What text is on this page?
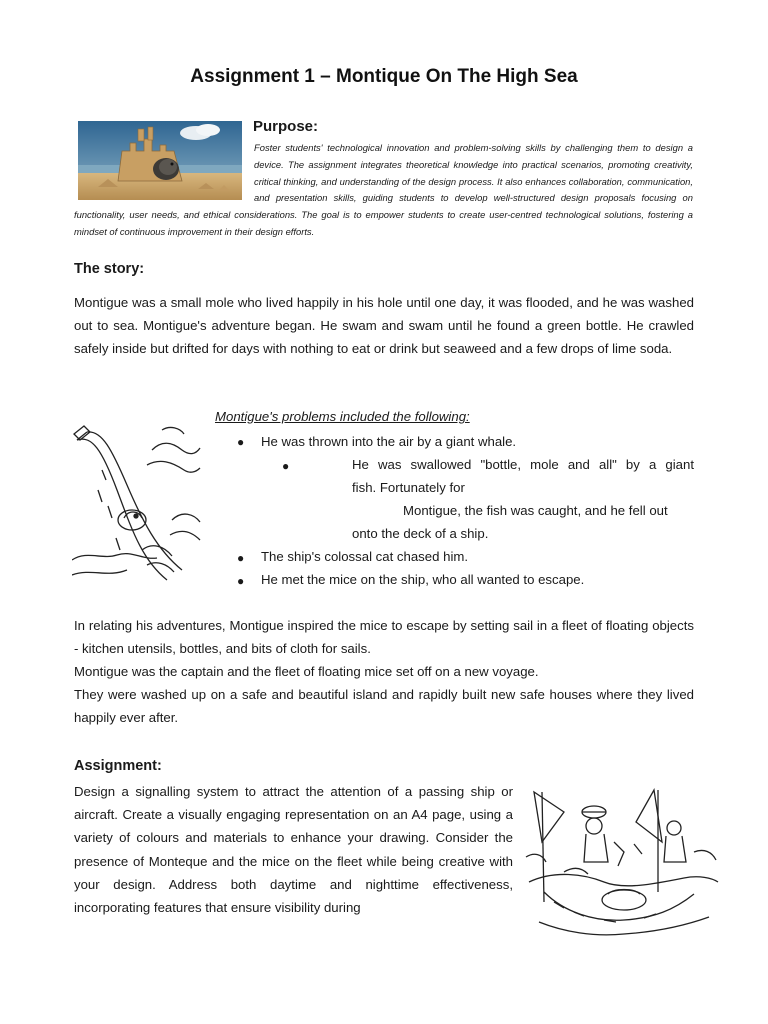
Assignment 1 – Montique On The High Sea
Purpose:
Foster students' technological innovation and problem-solving skills by challenging them to design a device. The assignment integrates theoretical knowledge into practical scenarios, promoting creativity, critical thinking, and understanding of the design process. It also enhances collaboration, communication, and presentation skills, guiding students to develop well-structured design proposals focusing on functionality, user needs, and ethical considerations. The goal is to empower students to create user-centred technological solutions, fostering a mindset of continuous improvement in their design efforts.
The story:
Montigue was a small mole who lived happily in his hole until one day, it was flooded, and he was washed out to sea. Montigue's adventure began. He swam and swam until he found a green bottle. He crawled safely inside but drifted for days with nothing to eat or drink but seaweed and a few drops of lime soda.
Montigue's problems included the following:
● He was thrown into the air by a giant whale.
●	He was swallowed "bottle, mole and all" by a giant
fish. Fortunately for
Montigue, the fish was caught, and he fell out
onto the deck of a ship.
● The ship's colossal cat chased him.
● He met the mice on the ship, who all wanted to escape.
In relating his adventures, Montigue inspired the mice to escape by setting sail in a fleet of floating objects - kitchen utensils, bottles, and bits of cloth for sails.
Montigue was the captain and the fleet of floating mice set off on a new voyage.
They were washed up on a safe and beautiful island and rapidly built new safe houses where they lived happily ever after.
Assignment:
Design a signalling system to attract the attention of a passing ship or aircraft. Create a visually engaging representation on an A4 page, using a variety of colours and materials to enhance your drawing. Consider the presence of Monteque and the mice on the fleet while being creative with your design. Address both daytime and nighttime effectiveness, incorporating features that ensure visibility during
